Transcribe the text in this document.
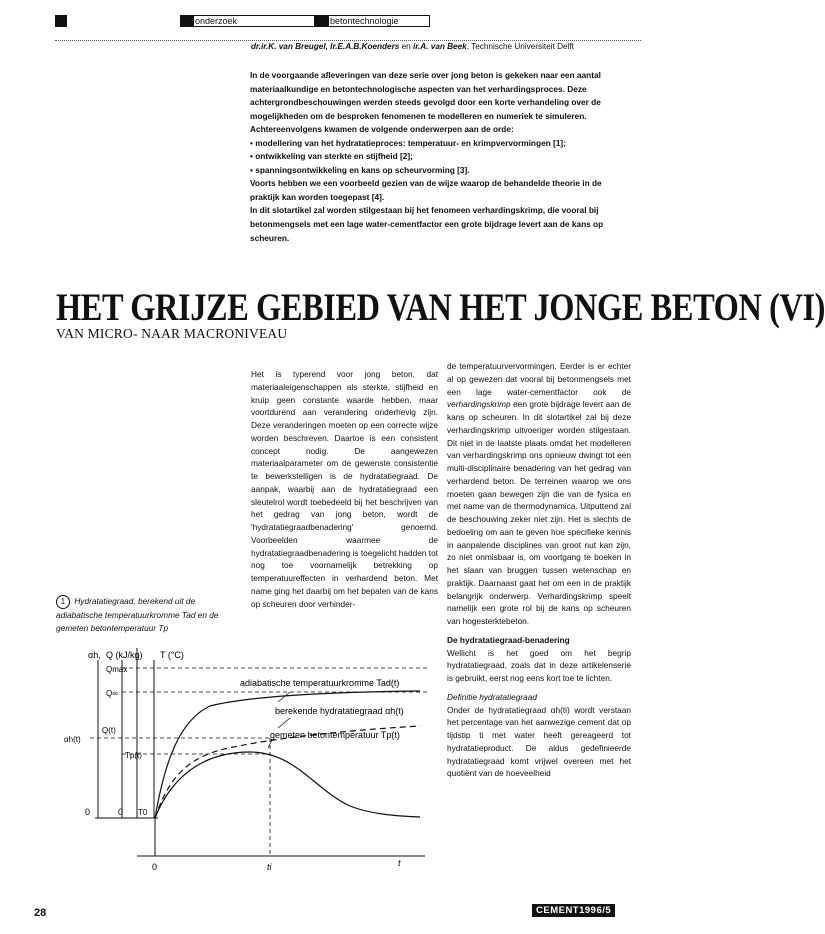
onderzoek	betontechnologie
dr.ir.K. van Breugel, Ir.E.A.B.Koenders en ir.A. van Beek, Technische Universiteit Delft

In de voorgaande afleveringen van deze serie over jong beton is gekeken naar een aantal materiaalkundige en betontechnologische aspecten van het verhardingsproces. Deze achtergrondbeschouwingen werden steeds gevolgd door een korte verhandeling over de mogelijkheden om de besproken fenomenen te modelleren en numeriek te simuleren. Achtereenvolgens kwamen de volgende onderwerpen aan de orde:

• modellering van het hydratatieproces: temperatuur- en krimpvervormingen [1];

• ontwikkeling van sterkte en stijfheid [2];

• spanningsontwikkeling en kans op scheurvorming [3].

Voorts hebben we een voorbeeld gezien van de wijze waarop de behandelde theorie in de praktijk kan worden toegepast [4].

In dit slotartikel zal worden stilgestaan bij het fenomeen verhardingskrimp, die vooral bij betonmengsels met een lage water-cementfactor een grote bijdrage levert aan de kans op scheuren.

HET GRIJZE GEBIED VAN HET JONGE BETON (VI)
VAN MICRO- NAAR MACRONIVEAU
1 Hydratatiegraad, berekend uit de adiabatische temperatuurkromme Tad en de gemeten betontemperatuur Tp

Het is typerend voor jong beton, dat materiaaleigenschappen als sterkte, stijfheid en kruip geen constante waarde hebben, maar voortdurend aan verandering onderhevig zijn. Deze veranderingen moeten op een correcte wijze worden beschreven. Daartoe is een consistent concept nodig. De aangewezen materiaalparameter om de gewenste consistentie te bewerkstelligen is de hydratatiegraad. De aanpak, waarbij aan de hydratatiegraad een sleutelrol wordt toebedeeld bij het beschrijven van het gedrag van jong beton, wordt de 'hydratatiegraadbenadering' genoemd. Voorbeelden waarmee de hydratatiegraadbenadering is toegelicht hadden tot nog toe voornamelijk betrekking op temperatuureffecten in verhardend beton. Met name ging het daarbij om het bepalen van de kans op scheuren door verhinder-

de temperatuurvervormingen. Eerder is er echter al op gewezen dat vooral bij betonmengsels met een lage water-cementfactor ook de verhardingskrimp een grote bijdrage levert aan de kans op scheuren. In dit slotartikel zal bij deze verhardingskrimp uitvoeriger worden stilgestaan. Dit niet in de laatste plaats omdat het modelleren van verhardingskrimp ons opnieuw dwingt tot een multi-disciplinaire benadering van het gedrag van verhardend beton. De terreinen waarop we ons moeten gaan bewegen zijn die van de fysica en met name van de thermodynamica. Uitputtend zal de beschouwing zeker niet zijn. Het is slechts de bedoeling om aan te geven hoe specifieke kennis in aanpalende disciplines van groot nut kan zijn, zo niet onmisbaar is, om voortgang te boeken in het slaan van bruggen tussen wetenschap en praktijk. Daarnaast gaat het om een in de praktijk belangrijk onderwerp. Verhardingskrimp speelt namelijk een grote rol bij de kans op scheuren van hogesterktebeton.

De hydratatiegraad-benadering

Wellicht is het goed om het begrip hydratatiegraad, zoals dat in deze artikelenserie is gebruikt, eerst nog eens kort toe te lichten.

Definitie hydratatiegraad

Onder de hydratatiegraad αh(ti) wordt verstaan het percentage van het aanwezige cement dat op tijdstip ti met water heeft gereageerd tot hydratatieproduct. De aldus gedefinieerde hydratatiegraad komt vrijwel overeen met het quotiënt van de hoeveelheid

αh, Q (kJ/kg) T (°C)
Qmax
Q∞
αh(t)
Q(t)
Tp(t)
0	0 T0
0	ti	t
adiabatische temperatuurkromme Tad(t)
berekende hydratatiegraad αh(t)
gemeten betontemperatuur Tp(t)
28	CEMENT1996/5
